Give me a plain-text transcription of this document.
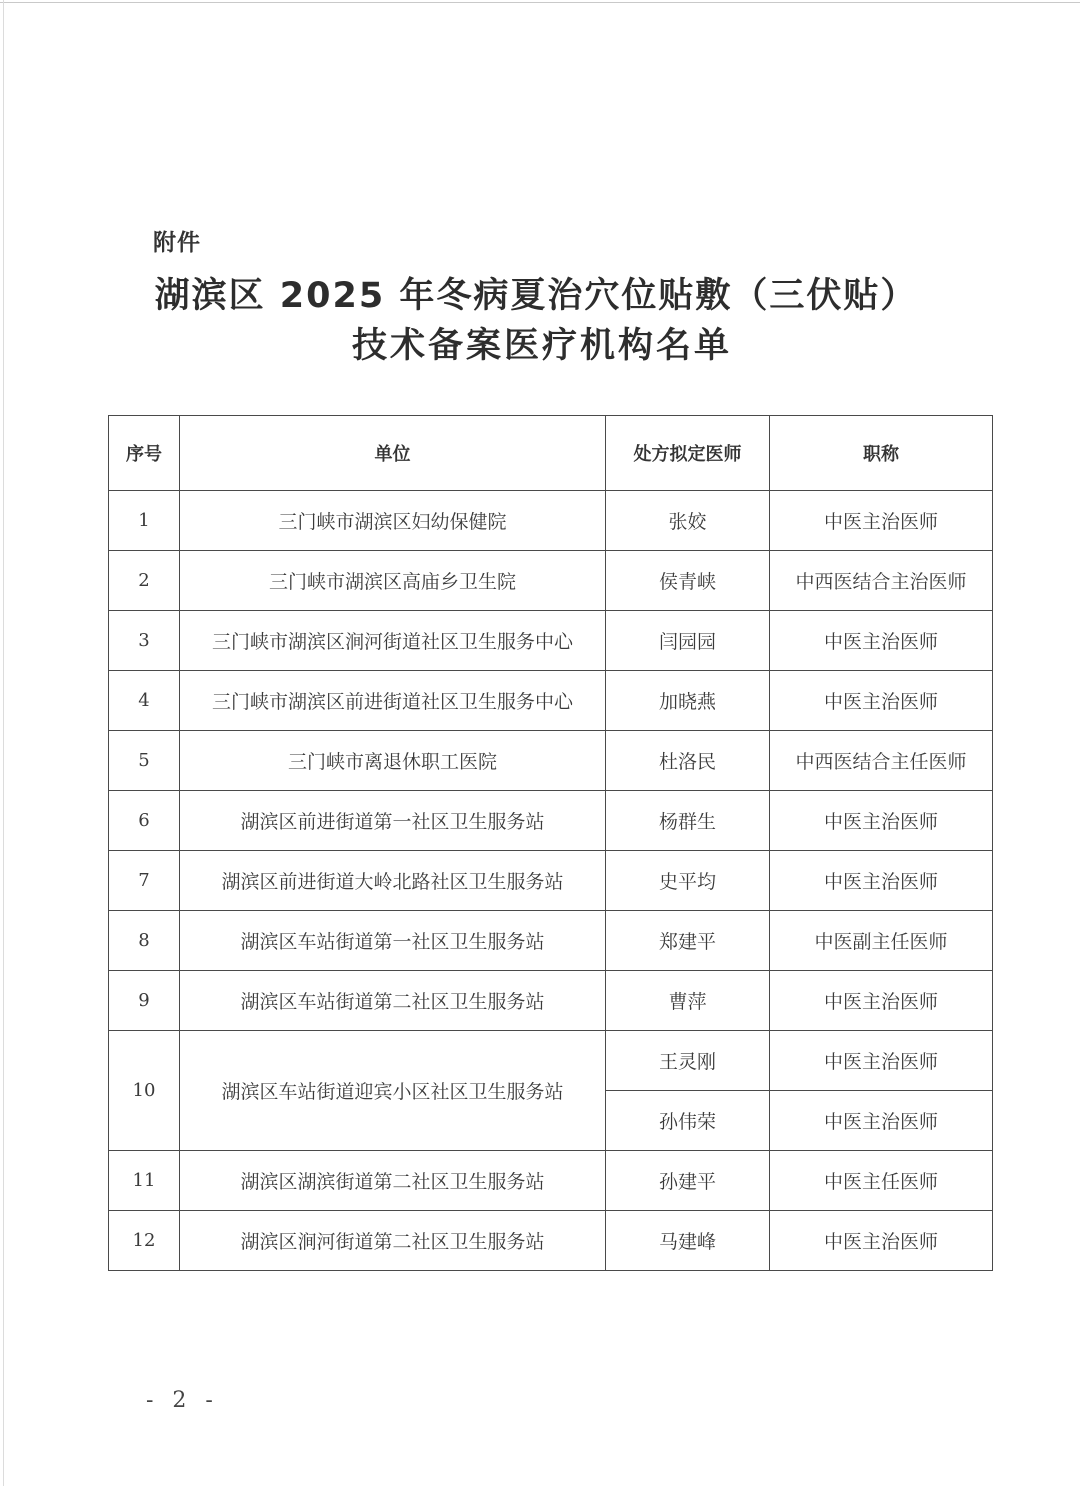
附件
湖滨区 2025 年冬病夏治穴位贴敷（三伏贴）
技术备案医疗机构名单
序号	单位	处方拟定医师	职称
1	三门峡市湖滨区妇幼保健院	张姣	中医主治医师
2	三门峡市湖滨区高庙乡卫生院	侯青峡	中西医结合主治医师
3	三门峡市湖滨区涧河街道社区卫生服务中心	闫园园	中医主治医师
4	三门峡市湖滨区前进街道社区卫生服务中心	加晓燕	中医主治医师
5	三门峡市离退休职工医院	杜洛民	中西医结合主任医师
6	湖滨区前进街道第一社区卫生服务站	杨群生	中医主治医师
7	湖滨区前进街道大岭北路社区卫生服务站	史平均	中医主治医师
8	湖滨区车站街道第一社区卫生服务站	郑建平	中医副主任医师
9	湖滨区车站街道第二社区卫生服务站	曹萍	中医主治医师
10	湖滨区车站街道迎宾小区社区卫生服务站	王灵刚	中医主治医师
		孙伟荣	中医主治医师
11	湖滨区湖滨街道第二社区卫生服务站	孙建平	中医主任医师
12	湖滨区涧河街道第二社区卫生服务站	马建峰	中医主治医师
- 2 -
